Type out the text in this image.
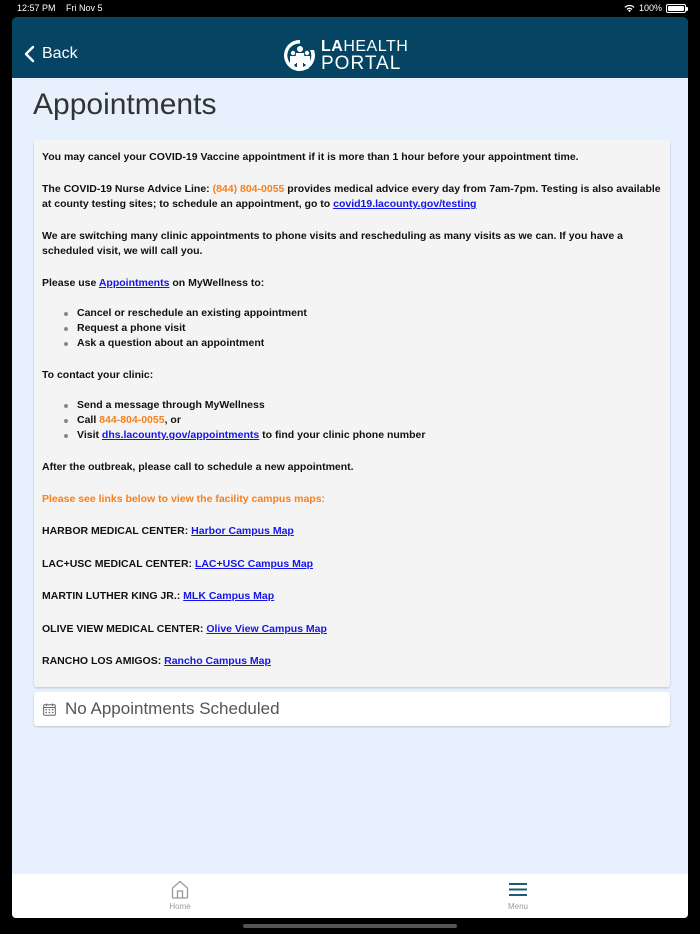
12:57 PM Fri Nov 5	100%
Back	LAHEALTH
PORTAL
Appointments

You may cancel your COVID-19 Vaccine appointment if it is more than 1 hour before your appointment time.

The COVID-19 Nurse Advice Line: (844) 804-0055 provides medical advice every day from 7am-7pm. Testing is also available at county testing sites; to schedule an appointment, go to covid19.lacounty.gov/testing

We are switching many clinic appointments to phone visits and rescheduling as many visits as we can. If you have a scheduled visit, we will call you.

Please use Appointments on MyWellness to:

Cancel or reschedule an existing appointment
Request a phone visit
Ask a question about an appointment

To contact your clinic:

Send a message through MyWellness
Call 844-804-0055, or
Visit dhs.lacounty.gov/appointments to find your clinic phone number

After the outbreak, please call to schedule a new appointment.

Please see links below to view the facility campus maps:

HARBOR MEDICAL CENTER: Harbor Campus Map
LAC+USC MEDICAL CENTER: LAC+USC Campus Map
MARTIN LUTHER KING JR.: MLK Campus Map
OLIVE VIEW MEDICAL CENTER: Olive View Campus Map
RANCHO LOS AMIGOS: Rancho Campus Map
No Appointments Scheduled
Home	Menu
